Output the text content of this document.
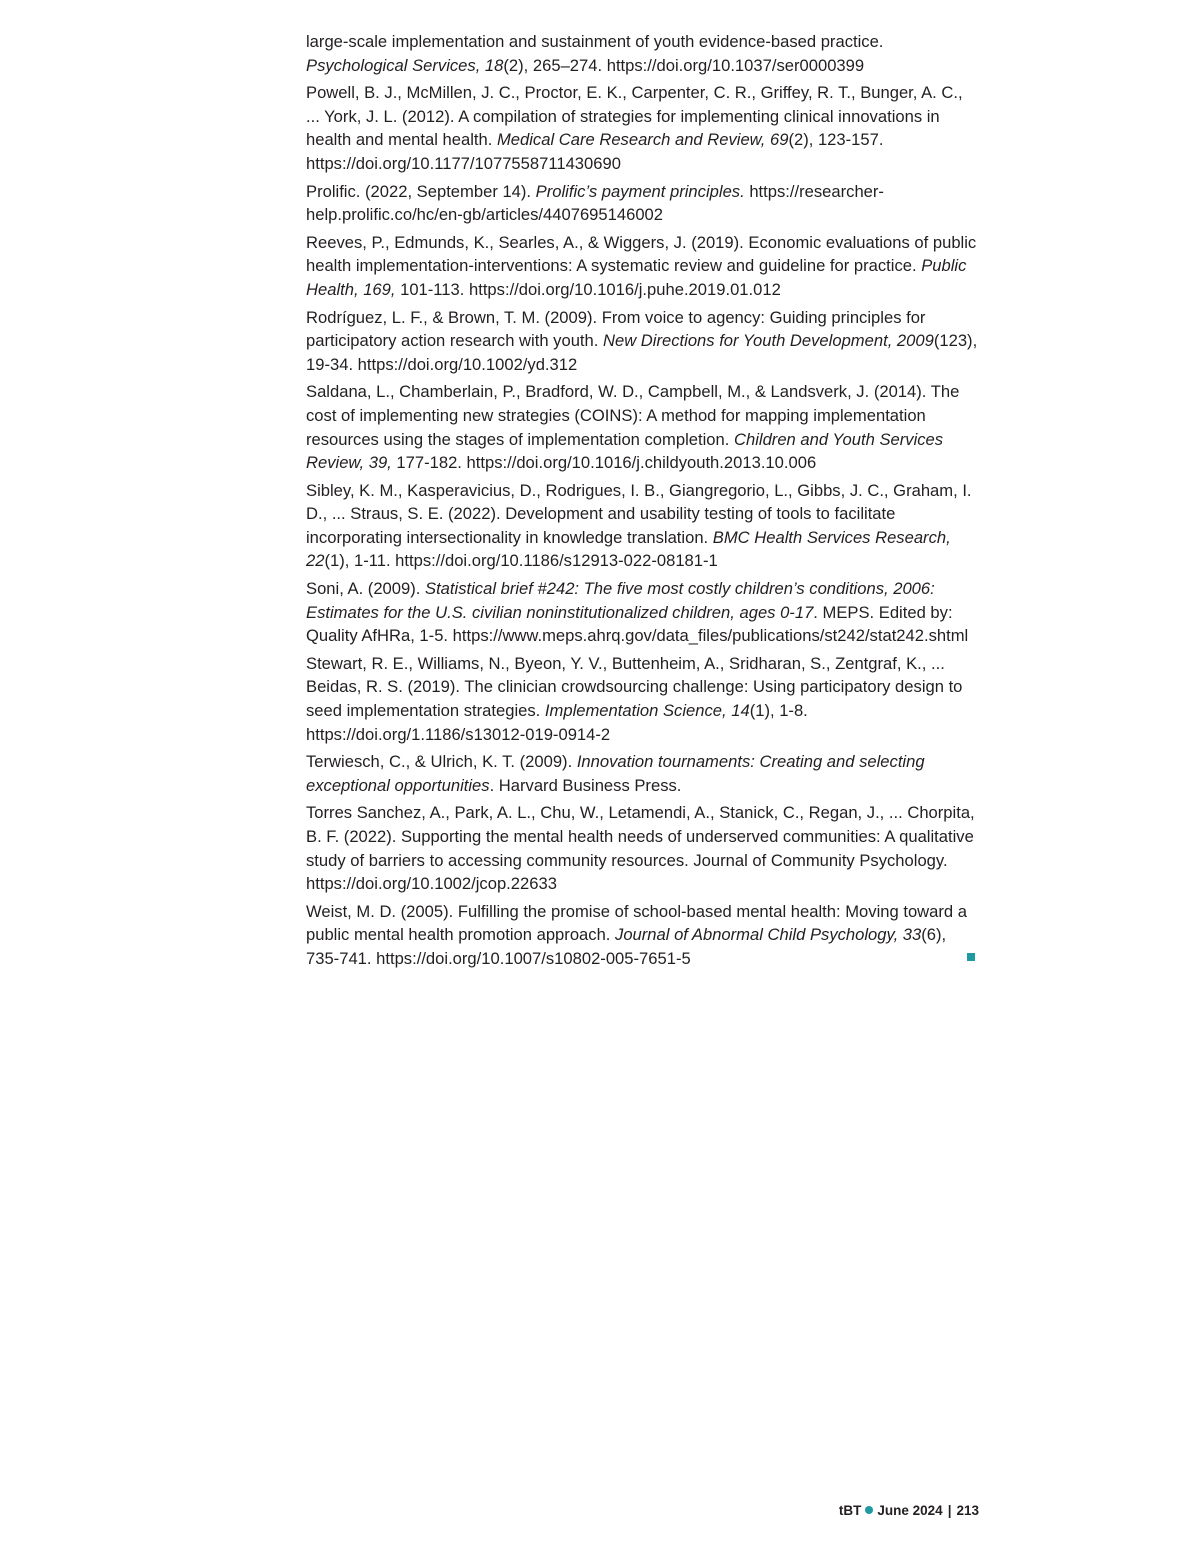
large-scale implementation and sustainment of youth evidence-based practice. Psychological Services, 18(2), 265–274. https://doi.org/10.1037/ser0000399

Powell, B. J., McMillen, J. C., Proctor, E. K., Carpenter, C. R., Griffey, R. T., Bunger, A. C., ... York, J. L. (2012). A compilation of strategies for implementing clinical innovations in health and mental health. Medical Care Research and Review, 69(2), 123-157. https://doi.org/10.1177/1077558711430690

Prolific. (2022, September 14). Prolific’s payment principles. https://researcher-help.prolific.co/hc/en-gb/articles/4407695146002

Reeves, P., Edmunds, K., Searles, A., & Wiggers, J. (2019). Economic evaluations of public health implementation-interventions: A systematic review and guideline for practice. Public Health, 169, 101-113. https://doi.org/10.1016/j.puhe.2019.01.012

Rodríguez, L. F., & Brown, T. M. (2009). From voice to agency: Guiding principles for participatory action research with youth. New Directions for Youth Development, 2009(123), 19-34. https://doi.org/10.1002/yd.312

Saldana, L., Chamberlain, P., Bradford, W. D., Campbell, M., & Landsverk, J. (2014). The cost of implementing new strategies (COINS): A method for mapping implementation resources using the stages of implementation completion. Children and Youth Services Review, 39, 177-182. https://doi.org/10.1016/j.childyouth.2013.10.006

Sibley, K. M., Kasperavicius, D., Rodrigues, I. B., Giangregorio, L., Gibbs, J. C., Graham, I. D., ... Straus, S. E. (2022). Development and usability testing of tools to facilitate incorporating intersectionality in knowledge translation. BMC Health Services Research, 22(1), 1-11. https://doi.org/10.1186/s12913-022-08181-1

Soni, A. (2009). Statistical brief #242: The five most costly children’s conditions, 2006: Estimates for the U.S. civilian noninstitutionalized children, ages 0-17. MEPS. Edited by: Quality AfHRa, 1-5. https://www.meps.ahrq.gov/data_files/publications/st242/stat242.shtml

Stewart, R. E., Williams, N., Byeon, Y. V., Buttenheim, A., Sridharan, S., Zentgraf, K., ... Beidas, R. S. (2019). The clinician crowdsourcing challenge: Using participatory design to seed implementation strategies. Implementation Science, 14(1), 1-8. https://doi.org/1.1186/s13012-019-0914-2

Terwiesch, C., & Ulrich, K. T. (2009). Innovation tournaments: Creating and selecting exceptional opportunities. Harvard Business Press.

Torres Sanchez, A., Park, A. L., Chu, W., Letamendi, A., Stanick, C., Regan, J., ... Chorpita, B. F. (2022). Supporting the mental health needs of underserved communities: A qualitative study of barriers to accessing community resources. Journal of Community Psychology. https://doi.org/10.1002/jcop.22633

Weist, M. D. (2005). Fulfilling the promise of school-based mental health: Moving toward a public mental health promotion approach. Journal of Abnormal Child Psychology, 33(6), 735-741. https://doi.org/10.1007/s10802-005-7651-5

tBT June 2024 | 213
